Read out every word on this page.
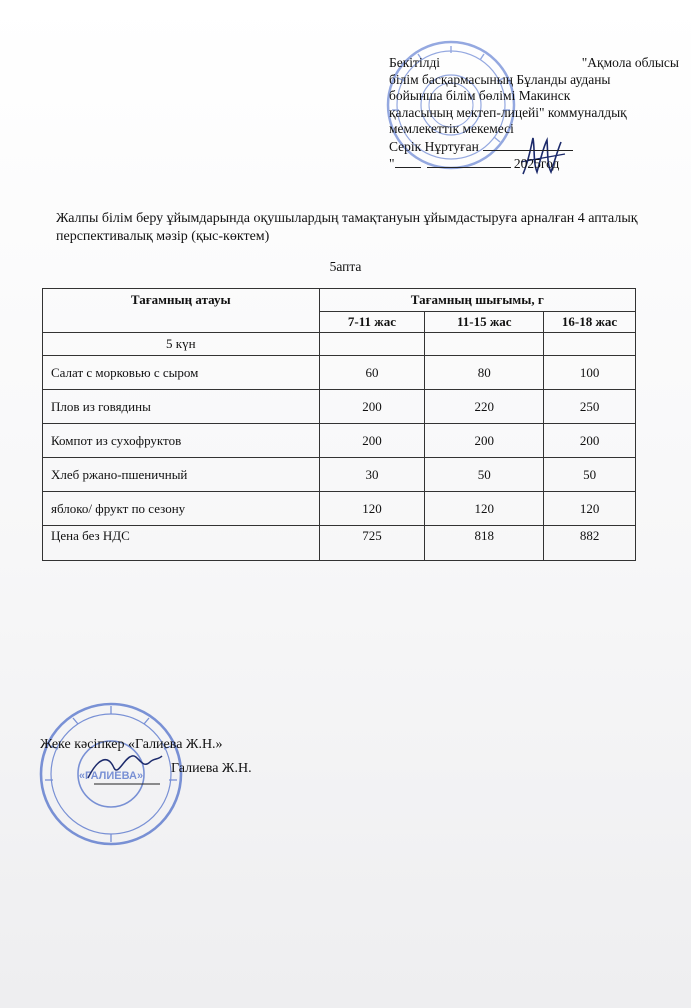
Бекітілді	"Ақмола облысы
білім басқармасының Бұланды ауданы
бойынша білім бөлімі Макинск
қаласының мектеп-лицейі" коммуналдық
мемлекеттік мекемесі
Серік Нұртуған
"	2025год
Жалпы білім беру ұйымдарында оқушылардың тамақтануын ұйымдастыруға арналған 4 апталық перспективалық мәзір (қыс-көктем)
5апта
Тағамның атауы	Тағамның шығымы, г		
	7-11 жас	11-15 жас	16-18 жас
5 күн			
Салат с морковью с сыром	60	80	100
Плов из говядины	200	220	250
Компот из сухофруктов	200	200	200
Хлеб ржано-пшеничный	30	50	50
яблоко/ фрукт по сезону	120	120	120
Цена без НДС	725	818	882
«ГАЛИЕВА»
Жеке кәсіпкер «Галиева Ж.Н.»
Галиева Ж.Н.
